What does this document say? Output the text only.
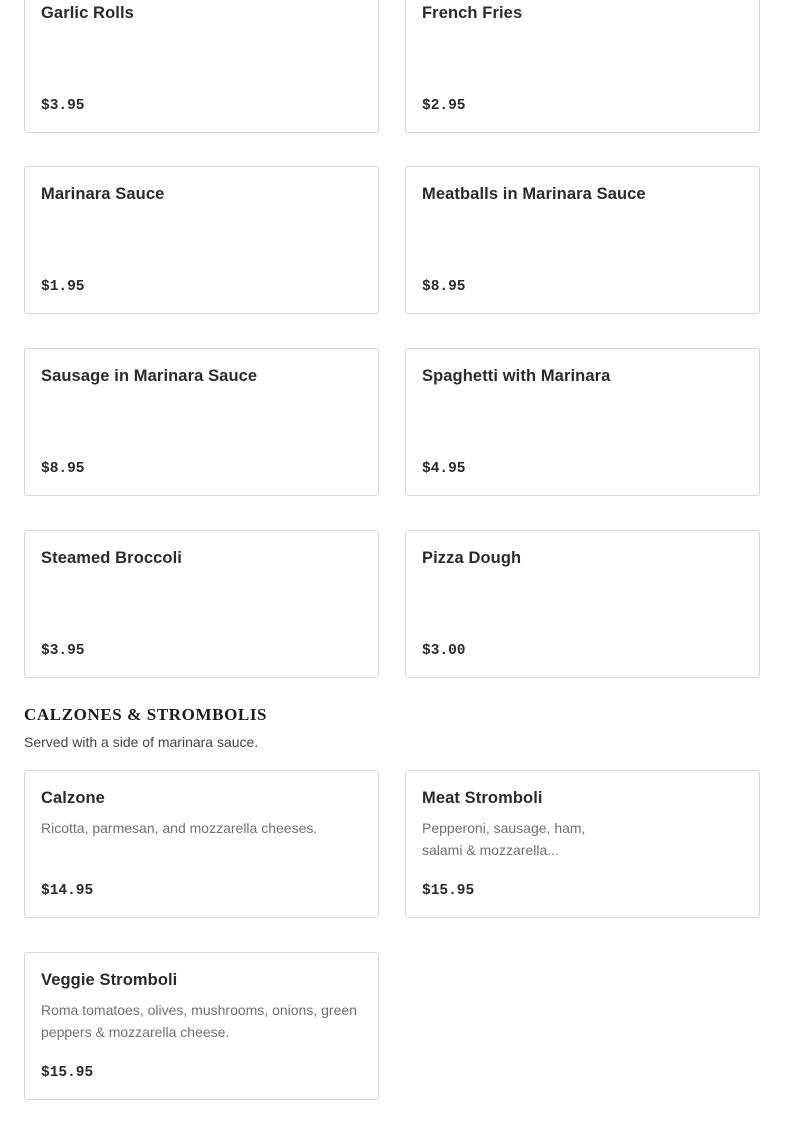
Garlic Rolls
$3.95
French Fries
$2.95
Marinara Sauce
$1.95
Meatballs in Marinara Sauce
$8.95
Sausage in Marinara Sauce
$8.95
Spaghetti with Marinara
$4.95
Steamed Broccoli
$3.95
Pizza Dough
$3.00
CALZONES & STROMBOLIS
Served with a side of marinara sauce.
Calzone
Ricotta, parmesan, and mozzarella cheeses.
$14.95
Meat Stromboli
Pepperoni, sausage, ham, salami & mozzarella...
$15.95
Veggie Stromboli
Roma tomatoes, olives, mushrooms, onions, green peppers & mozzarella cheese.
$15.95
